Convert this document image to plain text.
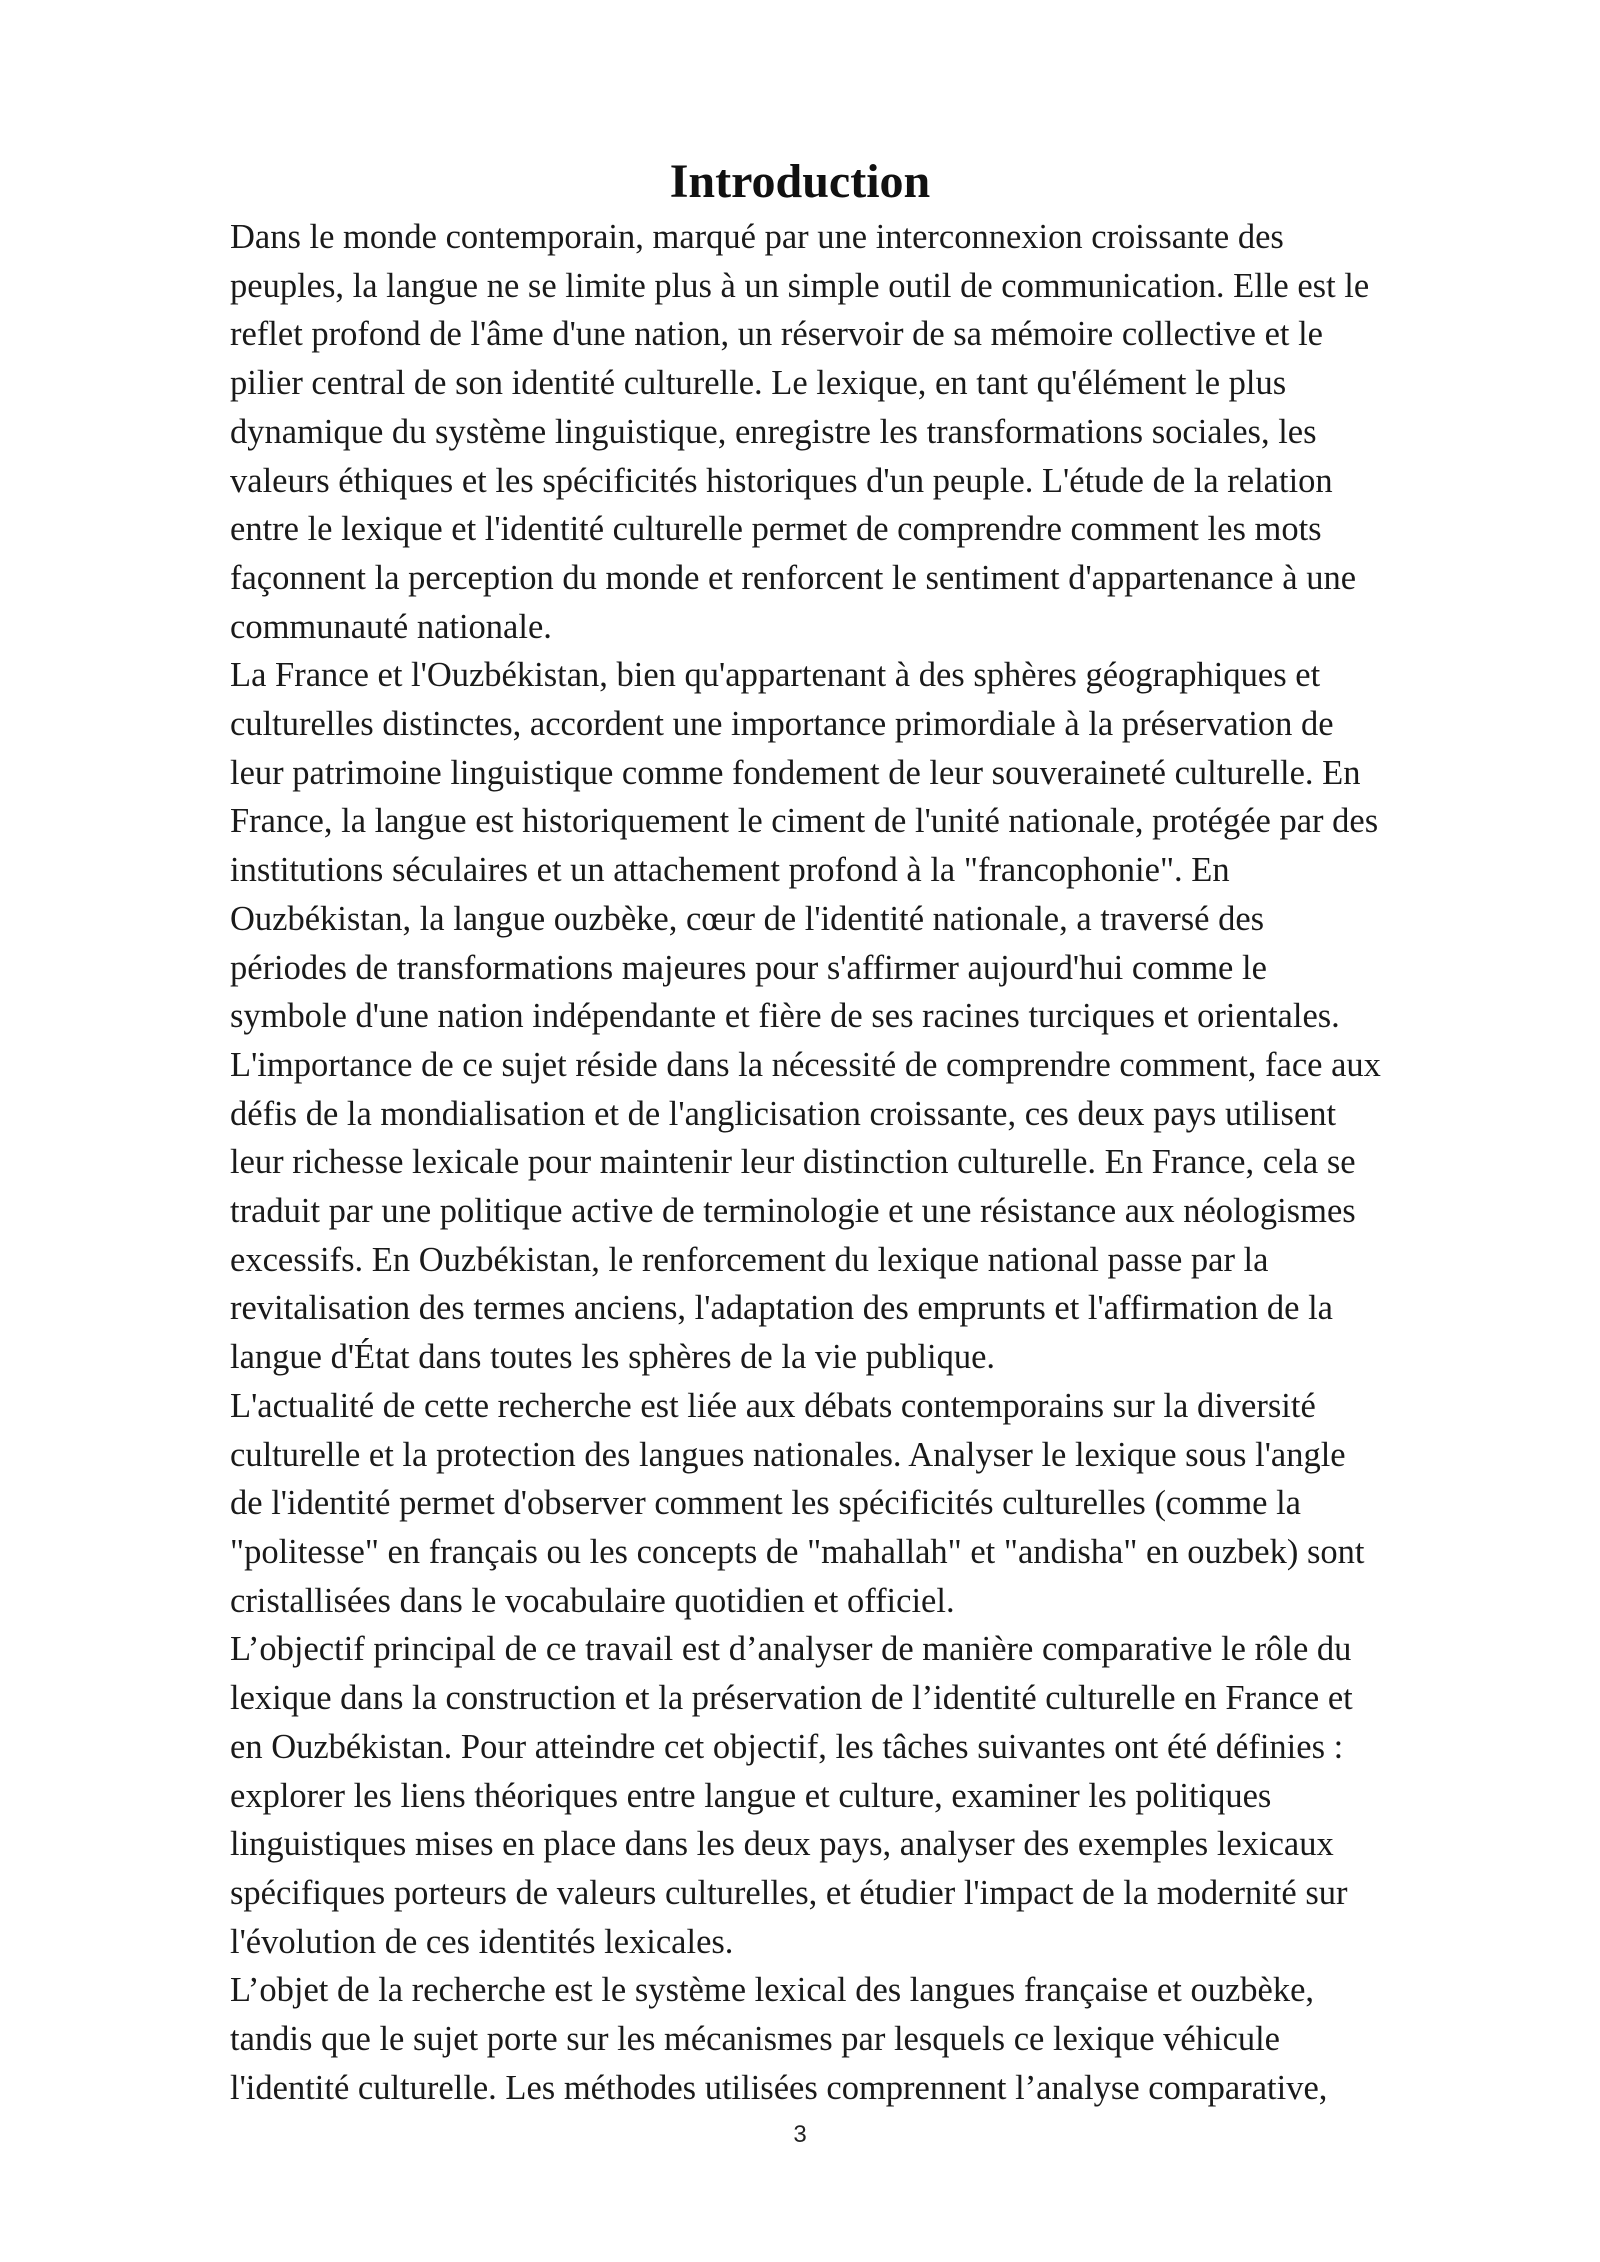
Introduction
Dans le monde contemporain, marqué par une interconnexion croissante des
peuples, la langue ne se limite plus à un simple outil de communication. Elle est le
reflet profond de l'âme d'une nation, un réservoir de sa mémoire collective et le
pilier central de son identité culturelle. Le lexique, en tant qu'élément le plus
dynamique du système linguistique, enregistre les transformations sociales, les
valeurs éthiques et les spécificités historiques d'un peuple. L'étude de la relation
entre le lexique et l'identité culturelle permet de comprendre comment les mots
façonnent la perception du monde et renforcent le sentiment d'appartenance à une
communauté nationale.
La France et l'Ouzbékistan, bien qu'appartenant à des sphères géographiques et
culturelles distinctes, accordent une importance primordiale à la préservation de
leur patrimoine linguistique comme fondement de leur souveraineté culturelle. En
France, la langue est historiquement le ciment de l'unité nationale, protégée par des
institutions séculaires et un attachement profond à la "francophonie". En
Ouzbékistan, la langue ouzbèke, cœur de l'identité nationale, a traversé des
périodes de transformations majeures pour s'affirmer aujourd'hui comme le
symbole d'une nation indépendante et fière de ses racines turciques et orientales.
L'importance de ce sujet réside dans la nécessité de comprendre comment, face aux
défis de la mondialisation et de l'anglicisation croissante, ces deux pays utilisent
leur richesse lexicale pour maintenir leur distinction culturelle. En France, cela se
traduit par une politique active de terminologie et une résistance aux néologismes
excessifs. En Ouzbékistan, le renforcement du lexique national passe par la
revitalisation des termes anciens, l'adaptation des emprunts et l'affirmation de la
langue d'État dans toutes les sphères de la vie publique.
L'actualité de cette recherche est liée aux débats contemporains sur la diversité
culturelle et la protection des langues nationales. Analyser le lexique sous l'angle
de l'identité permet d'observer comment les spécificités culturelles (comme la
"politesse" en français ou les concepts de "mahallah" et "andisha" en ouzbek) sont
cristallisées dans le vocabulaire quotidien et officiel.
L’objectif principal de ce travail est d’analyser de manière comparative le rôle du
lexique dans la construction et la préservation de l’identité culturelle en France et
en Ouzbékistan. Pour atteindre cet objectif, les tâches suivantes ont été définies :
explorer les liens théoriques entre langue et culture, examiner les politiques
linguistiques mises en place dans les deux pays, analyser des exemples lexicaux
spécifiques porteurs de valeurs culturelles, et étudier l'impact de la modernité sur
l'évolution de ces identités lexicales.
L’objet de la recherche est le système lexical des langues française et ouzbèke,
tandis que le sujet porte sur les mécanismes par lesquels ce lexique véhicule
l'identité culturelle. Les méthodes utilisées comprennent l’analyse comparative,
3
